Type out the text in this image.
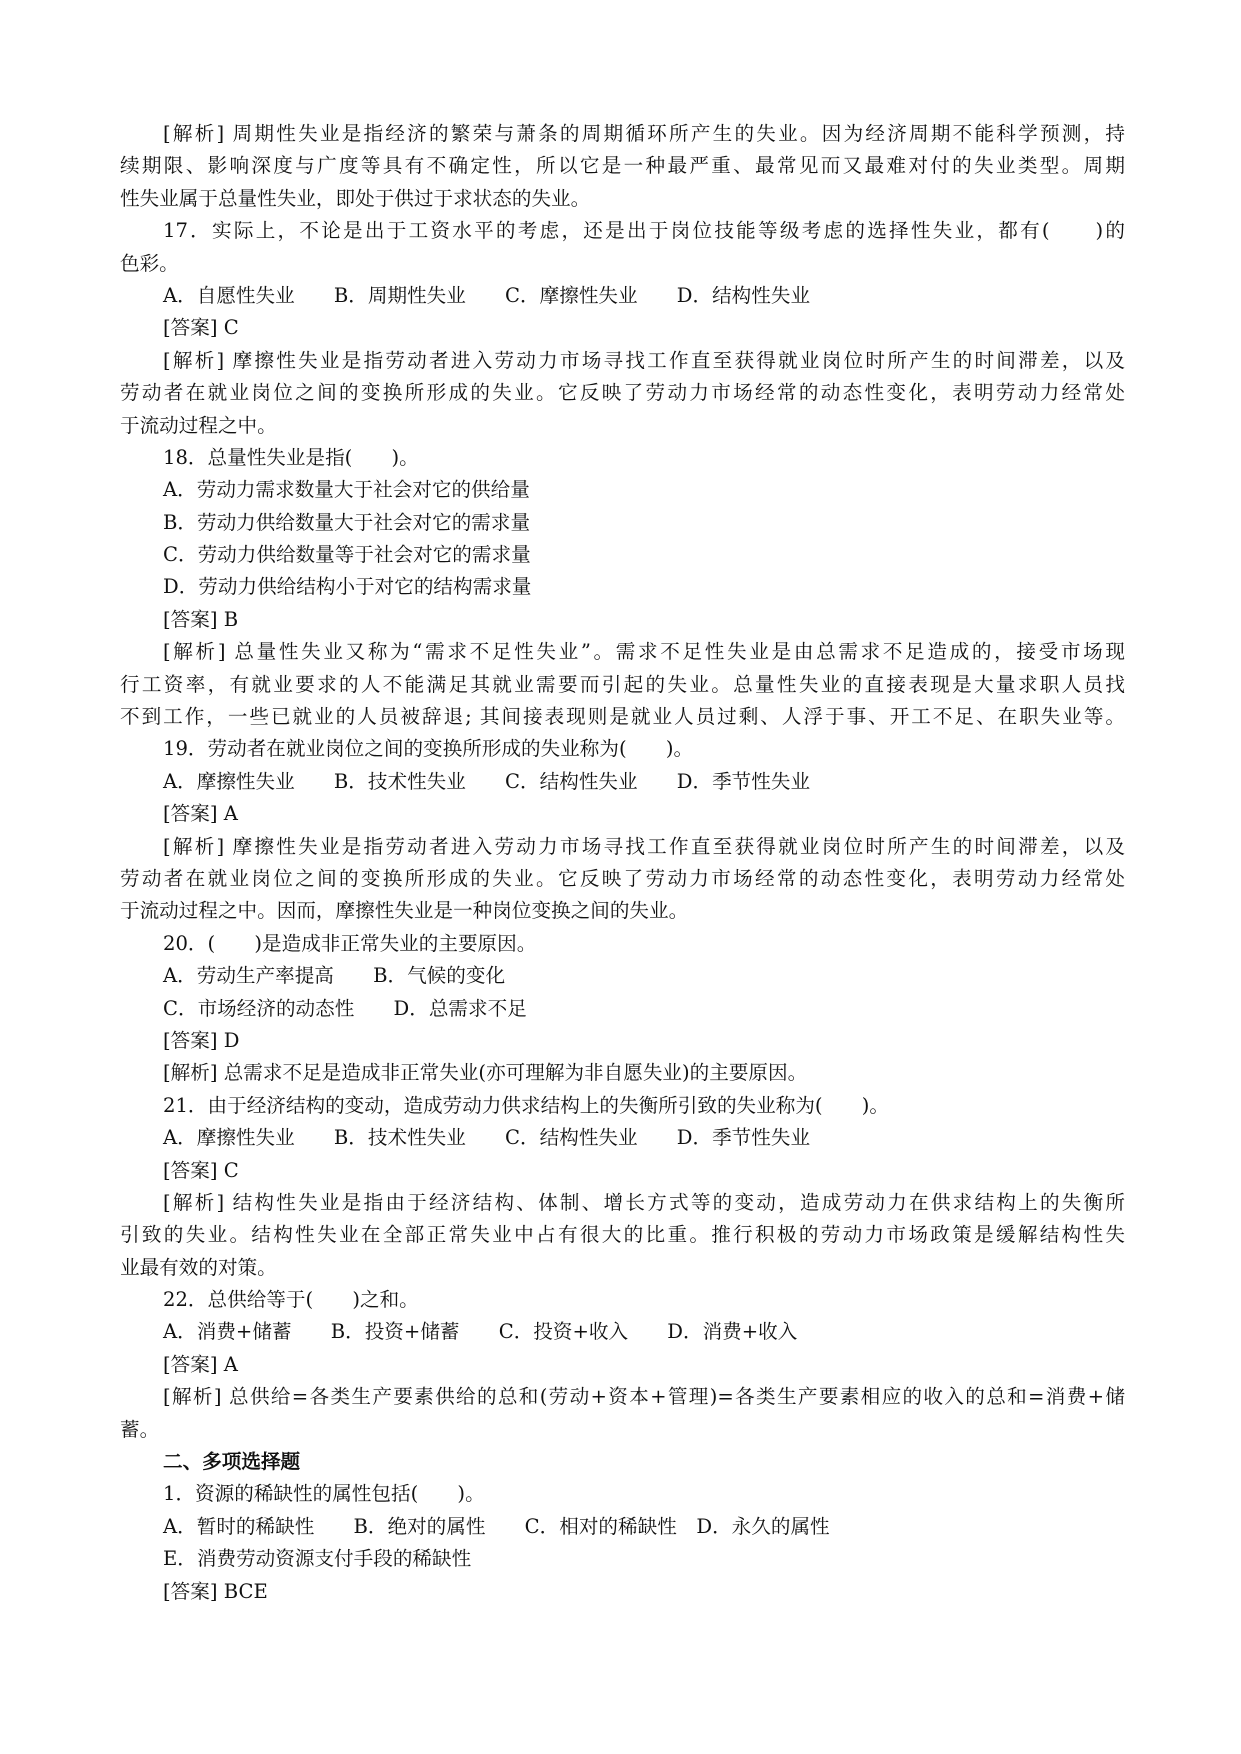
[解析] 周期性失业是指经济的繁荣与萧条的周期循环所产生的失业。因为经济周期不能科学预测，持
续期限、影响深度与广度等具有不确定性，所以它是一种最严重、最常见而又最难对付的失业类型。周期
性失业属于总量性失业，即处于供过于求状态的失业。
17．实际上，不论是出于工资水平的考虑，还是出于岗位技能等级考虑的选择性失业，都有(　　)的
色彩。
A．自愿性失业　　B．周期性失业　　C．摩擦性失业　　D．结构性失业
[答案] C
[解析] 摩擦性失业是指劳动者进入劳动力市场寻找工作直至获得就业岗位时所产生的时间滞差，以及
劳动者在就业岗位之间的变换所形成的失业。它反映了劳动力市场经常的动态性变化，表明劳动力经常处
于流动过程之中。
18．总量性失业是指(　　)。
A．劳动力需求数量大于社会对它的供给量
B．劳动力供给数量大于社会对它的需求量
C．劳动力供给数量等于社会对它的需求量
D．劳动力供给结构小于对它的结构需求量
[答案] B
[解析] 总量性失业又称为“需求不足性失业”。需求不足性失业是由总需求不足造成的，接受市场现
行工资率，有就业要求的人不能满足其就业需要而引起的失业。总量性失业的直接表现是大量求职人员找
不到工作，一些已就业的人员被辞退; 其间接表现则是就业人员过剩、人浮于事、开工不足、在职失业等。
19．劳动者在就业岗位之间的变换所形成的失业称为(　　)。
A．摩擦性失业　　B．技术性失业　　C．结构性失业　　D．季节性失业
[答案] A
[解析] 摩擦性失业是指劳动者进入劳动力市场寻找工作直至获得就业岗位时所产生的时间滞差，以及
劳动者在就业岗位之间的变换所形成的失业。它反映了劳动力市场经常的动态性变化，表明劳动力经常处
于流动过程之中。因而，摩擦性失业是一种岗位变换之间的失业。
20．(　　)是造成非正常失业的主要原因。
A．劳动生产率提高　　B．气候的变化
C．市场经济的动态性　　D．总需求不足
[答案] D
[解析] 总需求不足是造成非正常失业(亦可理解为非自愿失业)的主要原因。
21．由于经济结构的变动，造成劳动力供求结构上的失衡所引致的失业称为(　　)。
A．摩擦性失业　　B．技术性失业　　C．结构性失业　　D．季节性失业
[答案] C
[解析] 结构性失业是指由于经济结构、体制、增长方式等的变动，造成劳动力在供求结构上的失衡所
引致的失业。结构性失业在全部正常失业中占有很大的比重。推行积极的劳动力市场政策是缓解结构性失
业最有效的对策。
22．总供给等于(　　)之和。
A．消费+储蓄　　B．投资+储蓄　　C．投资+收入　　D．消费+收入
[答案] A
[解析] 总供给=各类生产要素供给的总和(劳动+资本+管理)=各类生产要素相应的收入的总和=消费+储
蓄。
二、多项选择题
1．资源的稀缺性的属性包括(　　)。
A．暂时的稀缺性　　B．绝对的属性　　C．相对的稀缺性　D．永久的属性
E．消费劳动资源支付手段的稀缺性
[答案] BCE
